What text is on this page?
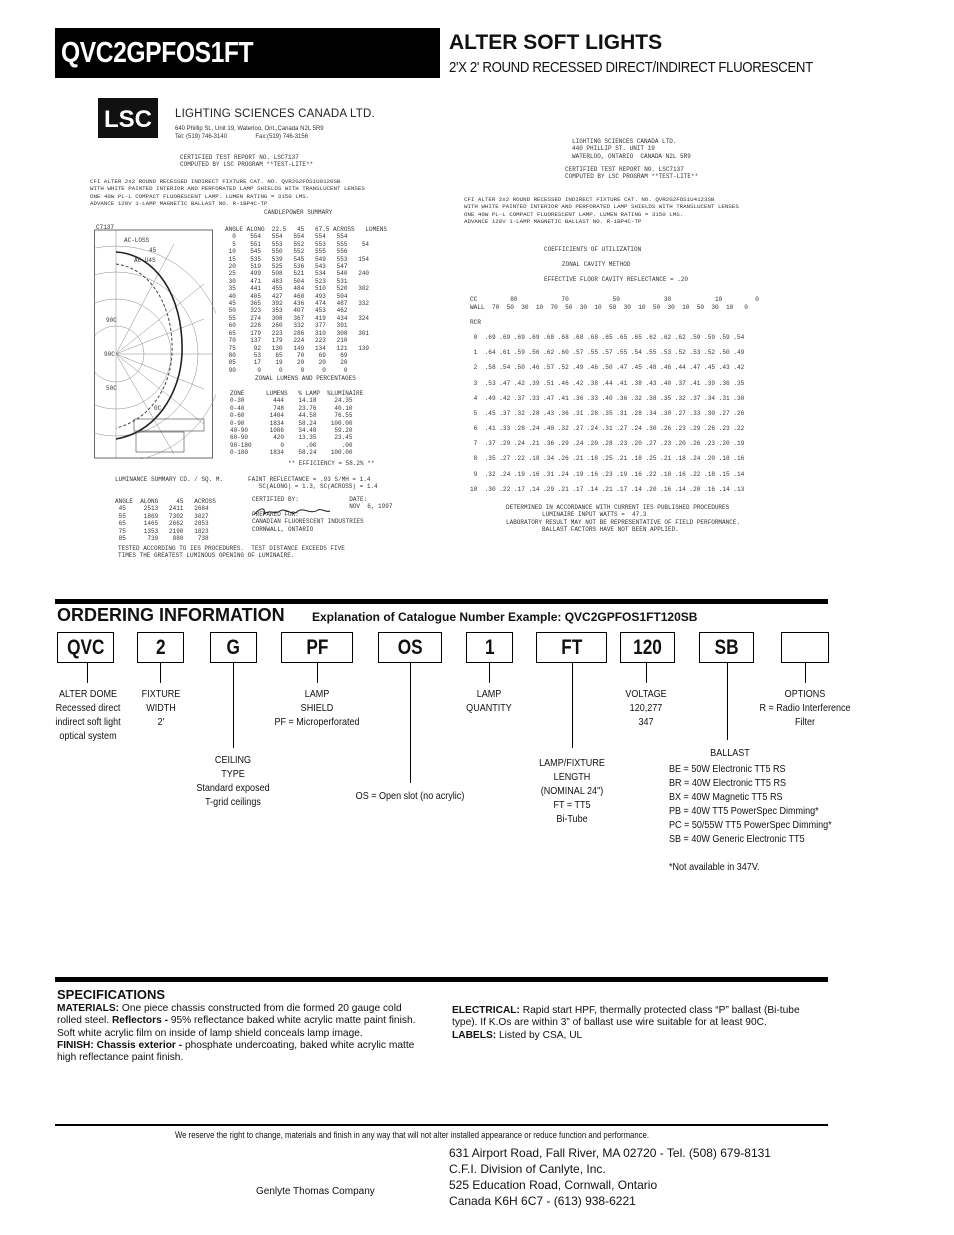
QVC2GPFOS1FT	ALTER SOFT LIGHTS
2'X 2' ROUND RECESSED DIRECT/INDIRECT FLUORESCENT
LSC LIGHTING SCIENCES CANADA LTD.
640 Phillip St., Unit 19, Waterloo, Ont.,Canada N2L 5R9
Tel: (519) 746-3140                 Fax:(519) 746-3156
CERTIFIED TEST REPORT NO. LSC7137
COMPUTED BY LSC PROGRAM **TEST-LITE**
CFI ALTER 2x2 ROUND RECESSED INDIRECT FIXTURE CAT. NO. QVR2G2FOS1U0120SB
WITH WHITE PAINTED INTERIOR AND PERFORATED LAMP SHIELDS WITH TRANSLUCENT LENSES
ONE 40W PL-L COMPACT FLUORESCENT LAMP. LUMEN RATING = 3150 LMS.
ADVANCE 120V 1-LAMP MAGNETIC BALLAST NO. R-1BP4C-TP
C7137
AC-LOSS
45
AC-U4S
90C
90C
50C
0C
CANDLEPOWER SUMMARY
ANGLE ALONG  22.5   45   67.5 ACROSS   LUMENS
0    554   554   554   554   554
5    551   553   552   553   555    54
10    545   550   552   555   556
15    535   539   545   549   553   154
20    519   525   536   543   547
25    499   508   521   534   540   240
30    471   483   504   523   531
35    441   455   484   510   520   302
40    405   427   460   493   504
45    365   392   436   474   487   332
50    323   353   407   453   462
55    274   308   367   419   434   324
60    226   260   332   377   391
65    179   223   286   310   308   301
70    137   179   224   223   210
75     92   130   149   134   121   139
80     53    65    70    69    69
85     17    19    20    20    20
90      0     0     0     0     0
ZONAL LUMENS AND PERCENTAGES
ZONE      LUMENS   % LAMP  %LUMINAIRE
0-30        444    14.18     24.35
0-40        748    23.76     40.10
0-60       1404    44.58     76.55
0-90       1834    58.24    100.00
40-90      1086    34.48     59.20
60-90       420    13.35     23.45
90-180        0      .00       .00
0-180      1834    58.24    100.00
** EFFICIENCY = 58.2% **
LUMINANCE SUMMARY CD. / SQ. M.	FAINT REFLECTANCE = .93 S/MH = 1.4
SC(ALONG) = 1.3, SC(ACROSS) = 1.4
ANGLE  ALONG     45   ACROSS
45     2513   2411   2684
55     1869   7302   3027
65     1465   2662   2853
75     1353   2190   1823
85      739    880    738
CERTIFIED BY:              DATE:
NOV  6, 1997
PREPARED FOR:
CANADIAN FLUORESCENT INDUSTRIES
CORNWALL, ONTARIO
TESTED ACCORDING TO IES PROCEDURES.  TEST DISTANCE EXCEEDS FIVE
TIMES THE GREATEST LUMINOUS OPENING OF LUMINAIRE.
LIGHTING SCIENCES CANADA LTD.
440 PHILLIP ST. UNIT 19
WATERLOO, ONTARIO  CANADA N2L 5R9
CERTIFIED TEST REPORT NO. LSC7137
COMPUTED BY LSC PROGRAM **TEST-LITE**
CFI ALTER 2x2 ROUND RECESSED INDIRECT FIXTURE CAT. NO. QVR2G2FOS1U4123SB
WITH WHITE PAINTED INTERIOR AND PERFORATED LAMP SHIELDS WITH TRANSLUCENT LENSES
ONE 40W PL-L COMPACT FLUORESCENT LAMP. LUMEN RATING = 3150 LMS.
ADVANCE 120V 1-LAMP MAGNETIC BALLAST NO. R-1BP4C-TP
COEFFICIENTS OF UTILIZATION

ZONAL CAVITY METHOD

EFFECTIVE FLOOR CAVITY REFLECTANCE = .20
CC         80            70            50            30            10         0
WALL  70  50  30  10  70  50  30  10  50  30  10  50  30  10  50  30  10   0

RCR

0  .69 .69 .69 .69 .68 .68 .68 .68 .65 .65 .65 .62 .62 .62 .59 .59 .59 .54

1  .64 .61 .59 .56 .62 .60 .57 .55 .57 .55 .54 .55 .53 .52 .53 .52 .50 .49

2  .58 .54 .50 .46 .57 .52 .49 .46 .50 .47 .45 .48 .46 .44 .47 .45 .43 .42

3  .53 .47 .42 .39 .51 .46 .42 .38 .44 .41 .38 .43 .40 .37 .41 .39 .36 .35

4  .49 .42 .37 .33 .47 .41 .36 .33 .40 .36 .32 .38 .35 .32 .37 .34 .31 .30

5  .45 .37 .32 .28 .43 .36 .31 .28 .35 .31 .28 .34 .30 .27 .33 .30 .27 .26

6  .41 .33 .28 .24 .40 .32 .27 .24 .31 .27 .24 .30 .26 .23 .29 .26 .23 .22

7  .37 .29 .24 .21 .36 .29 .24 .20 .28 .23 .20 .27 .23 .20 .26 .23 .20 .19

8  .35 .27 .22 .18 .34 .26 .21 .18 .25 .21 .18 .25 .21 .18 .24 .20 .18 .16

9  .32 .24 .19 .16 .31 .24 .19 .16 .23 .19 .16 .22 .18 .16 .22 .18 .15 .14

10  .30 .22 .17 .14 .29 .21 .17 .14 .21 .17 .14 .20 .16 .14 .20 .16 .14 .13
DETERMINED IN ACCORDANCE WITH CURRENT IES PUBLISHED PROCEDURES
LUMINAIRE INPUT WATTS =  47.3
LABORATORY RESULT MAY NOT BE REPRESENTATIVE OF FIELD PERFORMANCE.
BALLAST FACTORS HAVE NOT BEEN APPLIED.
ORDERING INFORMATION Explanation of Catalogue Number Example: QVC2GPFOS1FT120SB
QVC 2	G	PF	OS	1	FT 120	SB
ALTER DOME
Recessed direct
indirect soft light
optical system
FIXTURE
WIDTH
2'
CEILING
TYPE
Standard exposed
T-grid ceilings
LAMP
SHIELD
PF = Microperforated
OS = Open slot (no acrylic)
LAMP
QUANTITY
LAMP/FIXTURE
LENGTH
(NOMINAL 24")
FT = TT5
Bi-Tube
VOLTAGE
120,277
347
BALLAST
BE = 50W Electronic TT5 RS
BR = 40W Electronic TT5 RS
BX = 40W Magnetic TT5 RS
PB = 40W TT5 PowerSpec Dimming*
PC = 50/55W TT5 PowerSpec Dimming*
SB = 40W Generic Electronic TT5

*Not available in 347V.
OPTIONS
R = Radio Interference
Filter
SPECIFICATIONS
MATERIALS: One piece chassis constructed from die formed 20 gauge cold rolled steel. Reflectors - 95% reflectance baked white acrylic matte paint finish. Soft white acrylic film on inside of lamp shield conceals lamp image.
FINISH: Chassis exterior - phosphate undercoating, baked white acrylic matte high reflectance paint finish.
ELECTRICAL: Rapid start HPF, thermally protected class “P” ballast (Bi-tube type). If K.Os are within 3” of ballast use wire suitable for at least 90C.
LABELS: Listed by CSA, UL
We reserve the right to change, materials and finish in any way that will not alter installed appearance or reduce function and performance.
631 Airport Road, Fall River, MA 02720 - Tel. (508) 679-8131
C.F.I. Division of Canlyte, Inc.
525 Education Road, Cornwall, Ontario
Canada K6H 6C7 - (613) 938-6221
Genlyte Thomas Company
